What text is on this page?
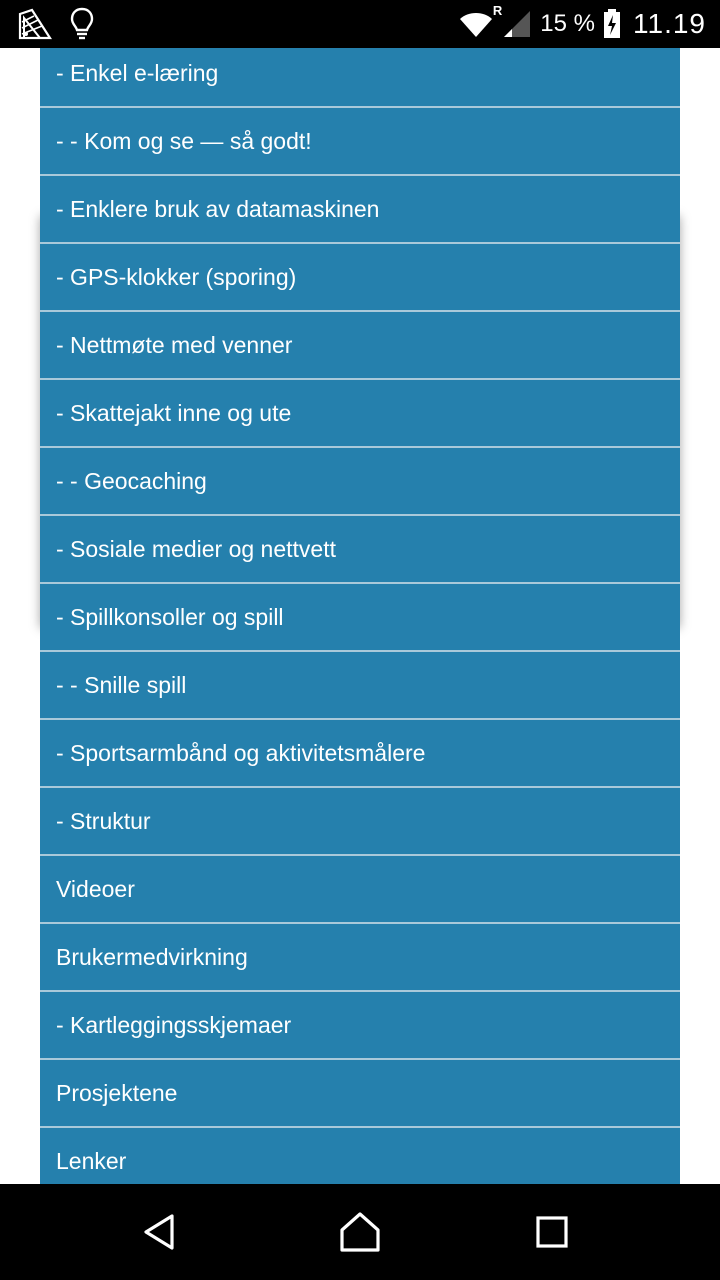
R 15 % 11.19
- Enkel e-læring
- - Kom og se — så godt!
- Enklere bruk av datamaskinen
- GPS-klokker (sporing)
- Nettmøte med venner
- Skattejakt inne og ute
- - Geocaching
- Sosiale medier og nettvett
- Spillkonsoller og spill
- - Snille spill
- Sportsarmbånd og aktivitetsmålere
- Struktur
Videoer
Brukermedvirkning
- Kartleggingsskjemaer
Prosjektene
Lenker
